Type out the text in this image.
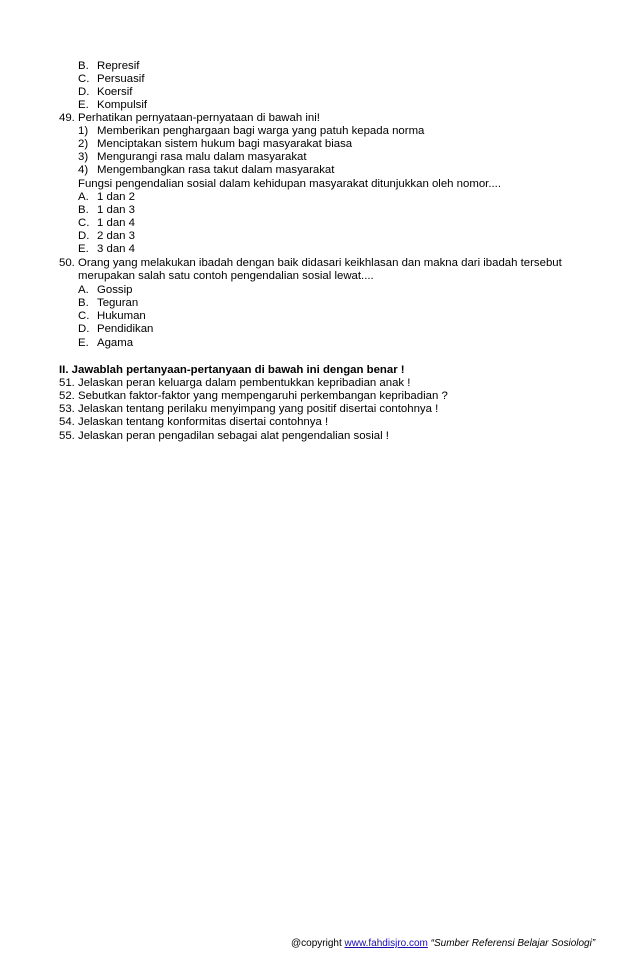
B. Represif
C. Persuasif
D. Koersif
E. Kompulsif
49. Perhatikan pernyataan-pernyataan di bawah ini!
1) Memberikan penghargaan bagi warga yang patuh kepada norma
2) Menciptakan sistem hukum bagi masyarakat biasa
3) Mengurangi rasa malu dalam masyarakat
4) Mengembangkan rasa takut dalam masyarakat
Fungsi pengendalian sosial dalam kehidupan masyarakat ditunjukkan oleh nomor....
A. 1 dan 2
B. 1 dan 3
C. 1 dan 4
D. 2 dan 3
E. 3 dan 4
50. Orang yang melakukan ibadah dengan baik didasari keikhlasan dan makna dari ibadah tersebut
merupakan salah satu contoh pengendalian sosial lewat....
A. Gossip
B. Teguran
C. Hukuman
D. Pendidikan
E. Agama
II. Jawablah pertanyaan-pertanyaan di bawah ini dengan benar !
51. Jelaskan peran keluarga dalam pembentukkan kepribadian anak !
52. Sebutkan faktor-faktor yang mempengaruhi perkembangan kepribadian ?
53. Jelaskan tentang perilaku menyimpang yang positif disertai contohnya !
54. Jelaskan tentang konformitas disertai contohnya !
55. Jelaskan peran pengadilan sebagai alat pengendalian sosial !
@copyright www.fahdisjro.com “Sumber Referensi Belajar Sosiologi”
